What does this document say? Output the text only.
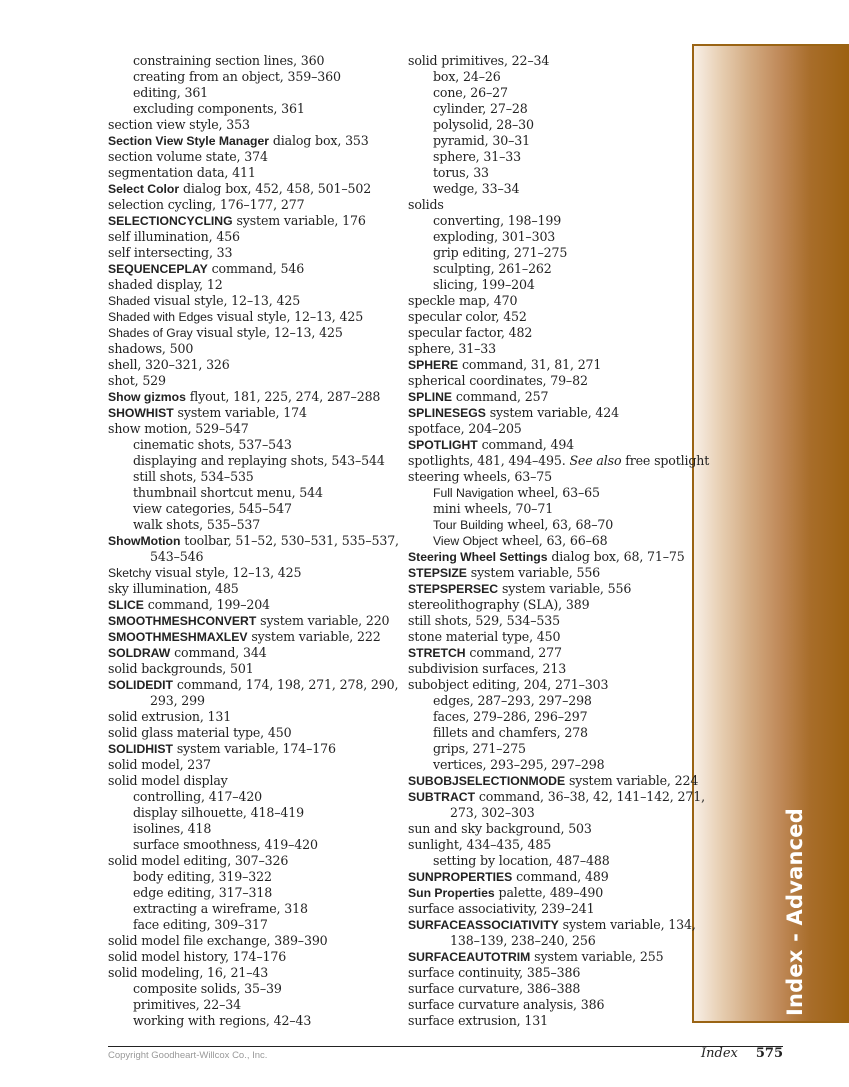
Index - Advanced
constraining section lines, 360
creating from an object, 359–360
editing, 361
excluding components, 361
section view style, 353
Section View Style Manager dialog box, 353
section volume state, 374
segmentation data, 411
Select Color dialog box, 452, 458, 501–502
selection cycling, 176–177, 277
SELECTIONCYCLING system variable, 176
self illumination, 456
self intersecting, 33
SEQUENCEPLAY command, 546
shaded display, 12
Shaded visual style, 12–13, 425
Shaded with Edges visual style, 12–13, 425
Shades of Gray visual style, 12–13, 425
shadows, 500
shell, 320–321, 326
shot, 529
Show gizmos flyout, 181, 225, 274, 287–288
SHOWHIST system variable, 174
show motion, 529–547
cinematic shots, 537–543
displaying and replaying shots, 543–544
still shots, 534–535
thumbnail shortcut menu, 544
view categories, 545–547
walk shots, 535–537
ShowMotion toolbar, 51–52, 530–531, 535–537,
543–546
Sketchy visual style, 12–13, 425
sky illumination, 485
SLICE command, 199–204
SMOOTHMESHCONVERT system variable, 220
SMOOTHMESHMAXLEV system variable, 222
SOLDRAW command, 344
solid backgrounds, 501
SOLIDEDIT command, 174, 198, 271, 278, 290,
293, 299
solid extrusion, 131
solid glass material type, 450
SOLIDHIST system variable, 174–176
solid model, 237
solid model display
controlling, 417–420
display silhouette, 418–419
isolines, 418
surface smoothness, 419–420
solid model editing, 307–326
body editing, 319–322
edge editing, 317–318
extracting a wireframe, 318
face editing, 309–317
solid model file exchange, 389–390
solid model history, 174–176
solid modeling, 16, 21–43
composite solids, 35–39
primitives, 22–34
working with regions, 42–43
solid primitives, 22–34
box, 24–26
cone, 26–27
cylinder, 27–28
polysolid, 28–30
pyramid, 30–31
sphere, 31–33
torus, 33
wedge, 33–34
solids
converting, 198–199
exploding, 301–303
grip editing, 271–275
sculpting, 261–262
slicing, 199–204
speckle map, 470
specular color, 452
specular factor, 482
sphere, 31–33
SPHERE command, 31, 81, 271
spherical coordinates, 79–82
SPLINE command, 257
SPLINESEGS system variable, 424
spotface, 204–205
SPOTLIGHT command, 494
spotlights, 481, 494–495. See also free spotlight
steering wheels, 63–75
Full Navigation wheel, 63–65
mini wheels, 70–71
Tour Building wheel, 63, 68–70
View Object wheel, 63, 66–68
Steering Wheel Settings dialog box, 68, 71–75
STEPSIZE system variable, 556
STEPSPERSEC system variable, 556
stereolithography (SLA), 389
still shots, 529, 534–535
stone material type, 450
STRETCH command, 277
subdivision surfaces, 213
subobject editing, 204, 271–303
edges, 287–293, 297–298
faces, 279–286, 296–297
fillets and chamfers, 278
grips, 271–275
vertices, 293–295, 297–298
SUBOBJSELECTIONMODE system variable, 224
SUBTRACT command, 36–38, 42, 141–142, 271,
273, 302–303
sun and sky background, 503
sunlight, 434–435, 485
setting by location, 487–488
SUNPROPERTIES command, 489
Sun Properties palette, 489–490
surface associativity, 239–241
SURFACEASSOCIATIVITY system variable, 134,
138–139, 238–240, 256
SURFACEAUTOTRIM system variable, 255
surface continuity, 385–386
surface curvature, 386–388
surface curvature analysis, 386
surface extrusion, 131
Copyright Goodheart-Willcox Co., Inc.	Index 575
